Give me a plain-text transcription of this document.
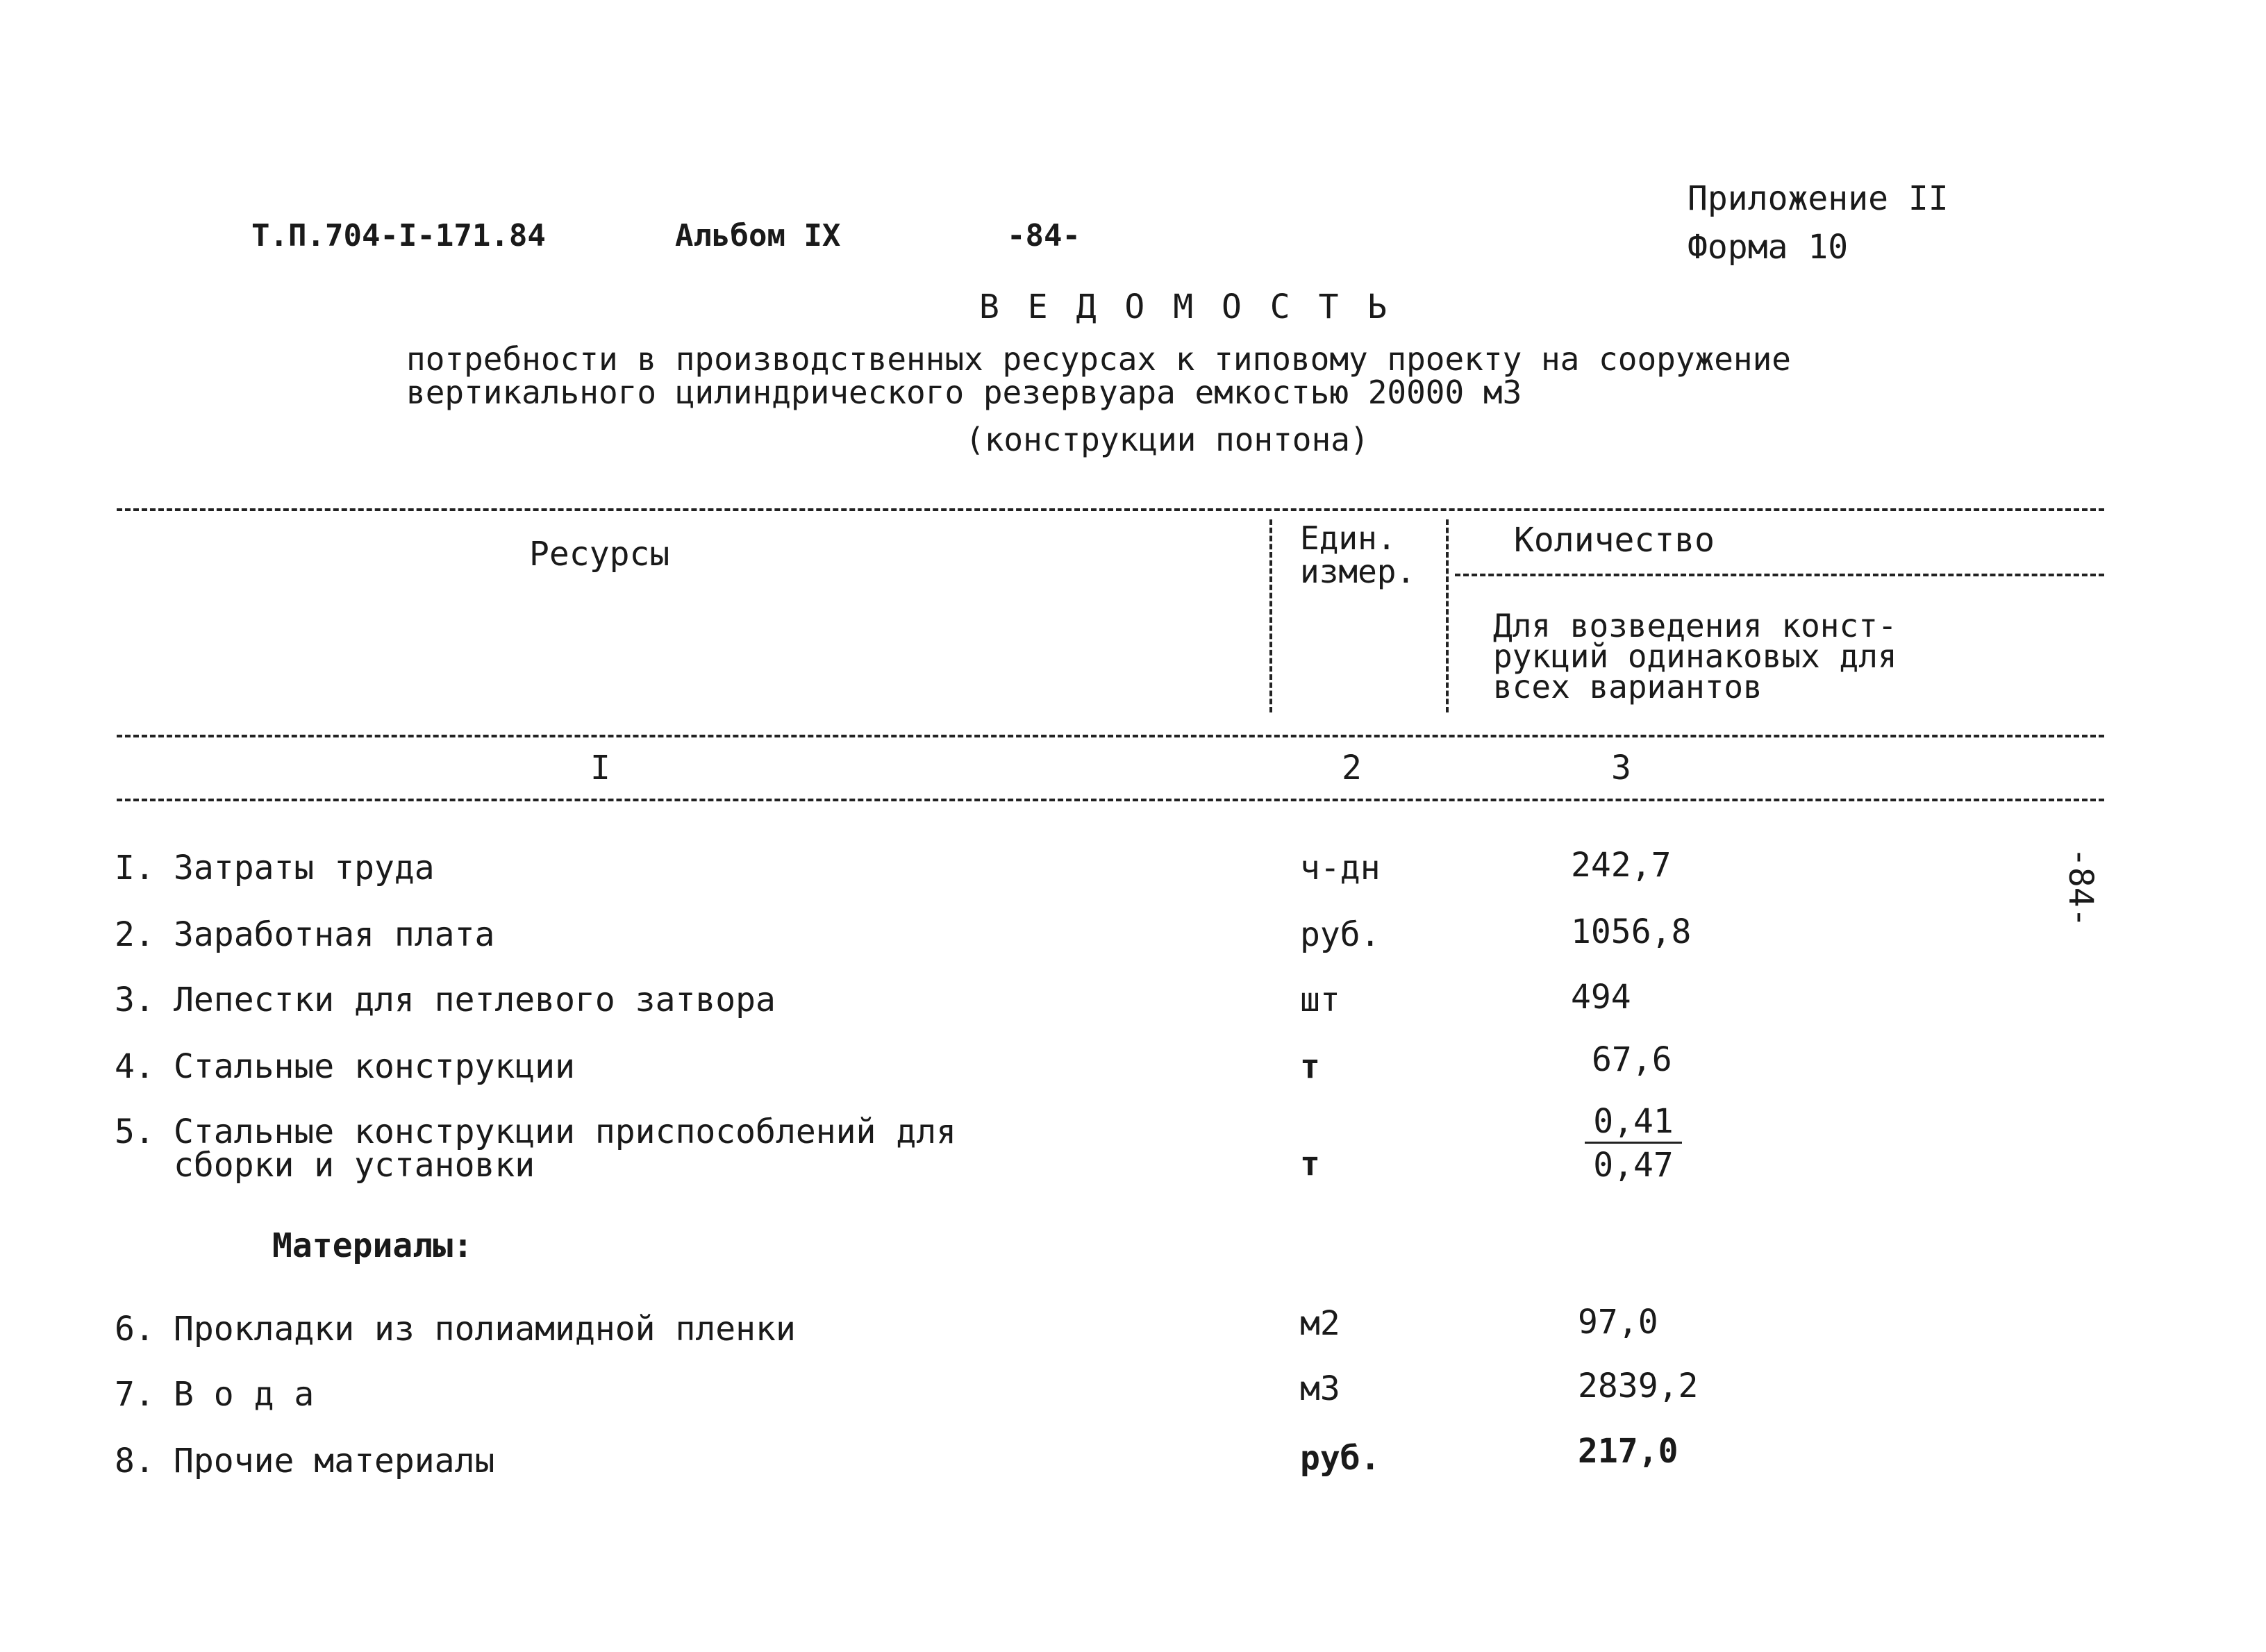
Т.П.704-I-171.84	Альбом IX	-84-
Приложение II
Форма 10
В Е Д О М О С Т Ь
потребности в производственных ресурсах к типовому проекту на сооружение
вертикального цилиндрического резервуара емкостью 20000 м3
(конструкции понтона)
Ресурсы	Един.
измер.
Количество
Для возведения конст-
рукций одинаковых для
всех вариантов
I	2	3
I. Затраты труда	ч-дн	242,7
2. Заработная плата	руб.	1056,8
3. Лепестки для петлевого затвора	шт	494
4. Стальные конструкции	т	67,6
5. Стальные конструкции приспособлений для
сборки и установки	т	$\frac{0,41}{0,47}$
Материалы:
6. Прокладки из полиамидной пленки	м2	97,0
7. В о д а	м3	2839,2
8. Прочие материалы	руб.	217,0
-84-
